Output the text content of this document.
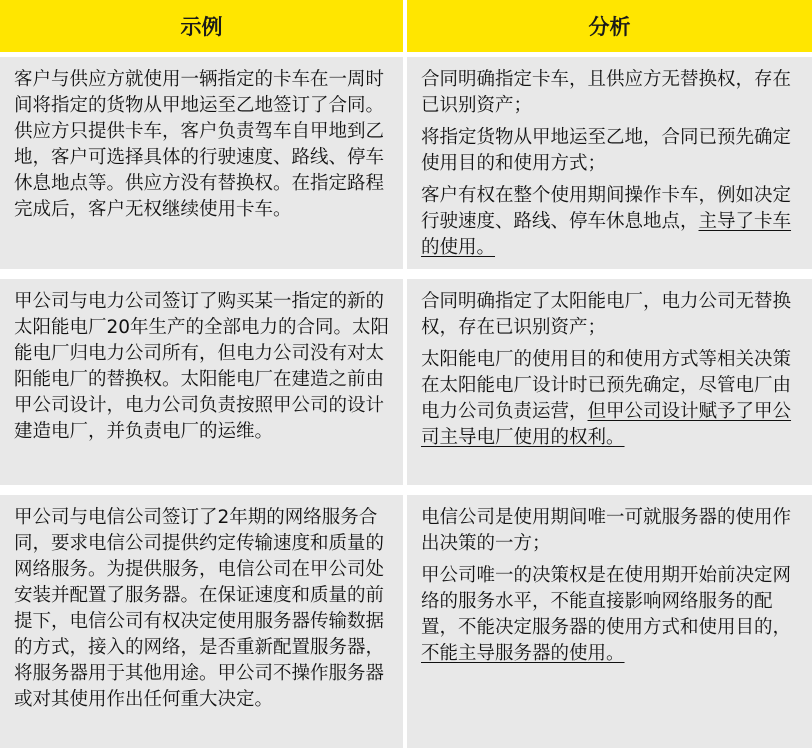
示例	分析

客户与供应方就使用一辆指定的卡车在一周时间将指定的货物从甲地运至乙地签订了合同。供应方只提供卡车，客户负责驾车自甲地到乙地，客户可选择具体的行驶速度、路线、停车休息地点等。供应方没有替换权。在指定路程完成后，客户无权继续使用卡车。

合同明确指定卡车，且供应方无替换权，存在已识别资产；

将指定货物从甲地运至乙地，合同已预先确定使用目的和使用方式；

客户有权在整个使用期间操作卡车，例如决定行驶速度、路线、停车休息地点，主导了卡车的使用。

甲公司与电力公司签订了购买某一指定的新的太阳能电厂20年生产的全部电力的合同。太阳能电厂归电力公司所有，但电力公司没有对太阳能电厂的替换权。太阳能电厂在建造之前由甲公司设计，电力公司负责按照甲公司的设计建造电厂，并负责电厂的运维。

合同明确指定了太阳能电厂，电力公司无替换权，存在已识别资产；

太阳能电厂的使用目的和使用方式等相关决策在太阳能电厂设计时已预先确定，尽管电厂由电力公司负责运营，但甲公司设计赋予了甲公司主导电厂使用的权利。

甲公司与电信公司签订了2年期的网络服务合同，要求电信公司提供约定传输速度和质量的网络服务。为提供服务，电信公司在甲公司处安装并配置了服务器。在保证速度和质量的前提下，电信公司有权决定使用服务器传输数据的方式，接入的网络，是否重新配置服务器，将服务器用于其他用途。甲公司不操作服务器或对其使用作出任何重大决定。

电信公司是使用期间唯一可就服务器的使用作出决策的一方；

甲公司唯一的决策权是在使用期开始前决定网络的服务水平，不能直接影响网络服务的配置，不能决定服务器的使用方式和使用目的，不能主导服务器的使用。
